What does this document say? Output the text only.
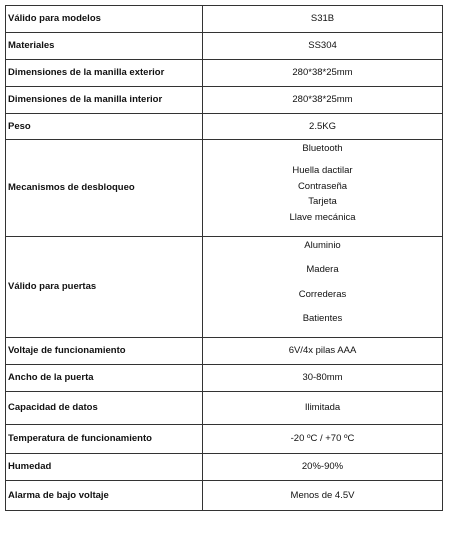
Válido para modelos	S31B
Materiales	SS304
Dimensiones de la manilla exterior	280*38*25mm
Dimensiones de la manilla interior	280*38*25mm
Peso	2.5KG
Mecanismos de desbloqueo	Bluetooth
Huella dactilar
Contraseña
Tarjeta
Llave mecánica

Válido para puertas	Aluminio
Madera
Correderas
Batientes

Voltaje de funcionamiento	6V/4x pilas AAA
Ancho de la puerta	30-80mm
Capacidad de datos	Ilimitada
Temperatura de funcionamiento	-20 ºC / +70 ºC
Humedad	20%-90%
Alarma de bajo voltaje	Menos de 4.5V
